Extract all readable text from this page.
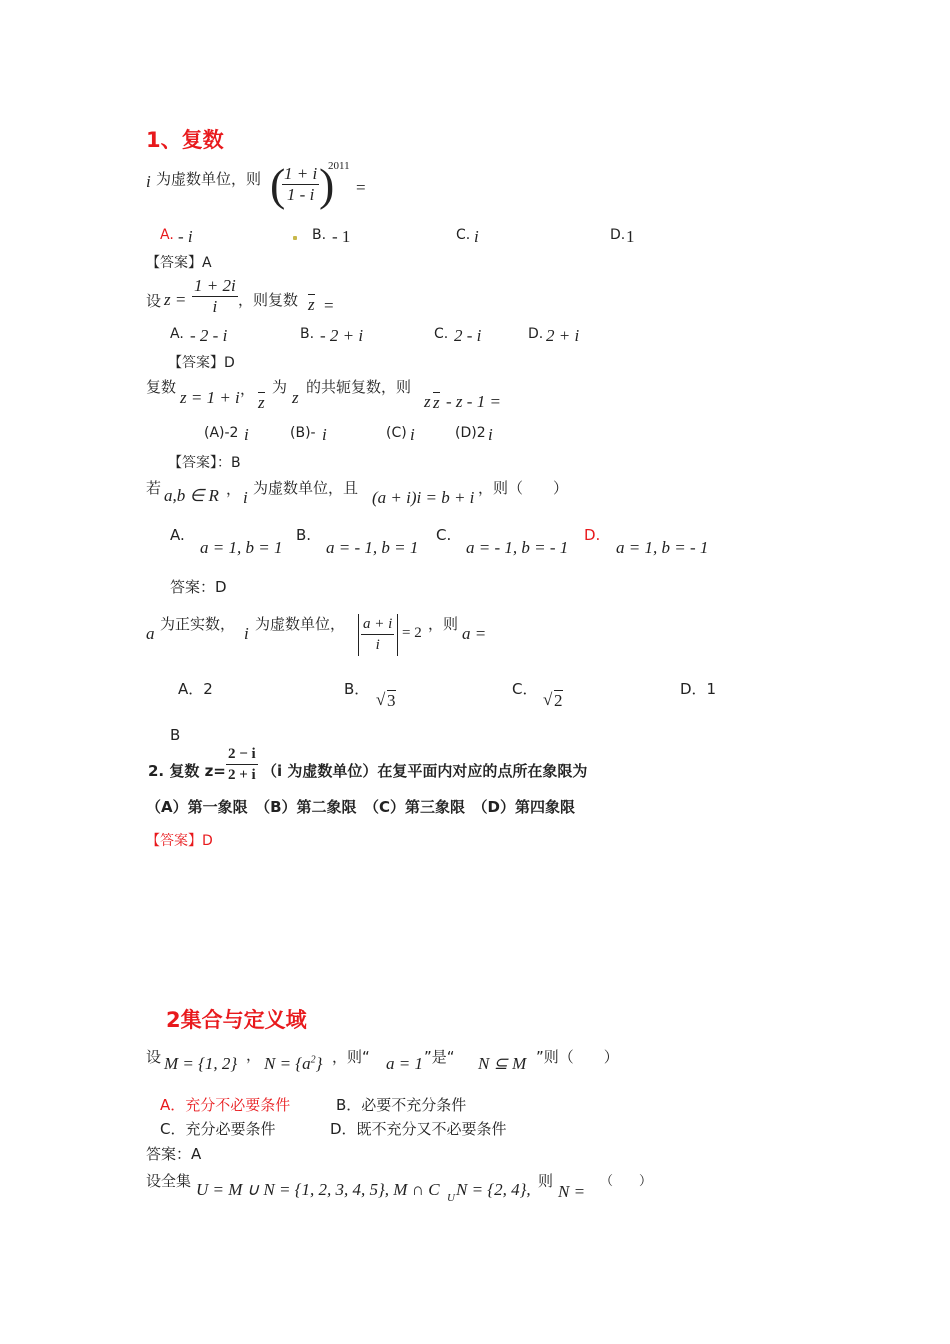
1、复数
i 为虚数单位，则 (
$\frac{1 + i}{1 - i}$ )
2011
=
A. - i	B. - 1	C. i	D. 1
【答案】A
设 $z = \frac{1 + 2i}{i}$ ，则复数 z =
A. - 2 - i	B. - 2 + i	C. 2 - i	D. 2 + i
【答案】D
复数
z = 1 + i ，
z
为
z
的共轭复数，则
z z - z - 1 =
(A)-2 i	(B)- i	(C) i	(D)2 i
【答案】：B
若 a,b ∈ R ， i 为虚数单位，且 (a + i)i = b + i ，则（　　）
A.
a = 1, b = 1
B.
a = - 1, b = 1
C.
a = - 1, b = - 1
D.
a = 1, b = - 1
答案：D
a 为正实数， i 为虚数单位， $\frac{a + i}{i} = 2$ ，则 a =
A．2	B．
√ 3
C．
√ 2
D．1
B
2. 复数 $z= \frac{2 - i}{2 + i} (i$ 为虚数单位）在复平面内对应的点所在象限为
（A）第一象限　（B）第二象限　（C）第三象限　（D）第四象限
【答案】D
2集合与定义域
设 M = {1, 2} ， $N = \{a^2\}$ ，则“ a = 1 ”是“ N ⊆ M ”则（　　）
A．充分不必要条件	B．必要不充分条件
C．充分必要条件	D．既不充分又不必要条件
答案：A
设全集 U = M ∪ N = {1, 2, 3, 4, 5}, M ∩ C U N = {2, 4}, 则
N =
（　　）
